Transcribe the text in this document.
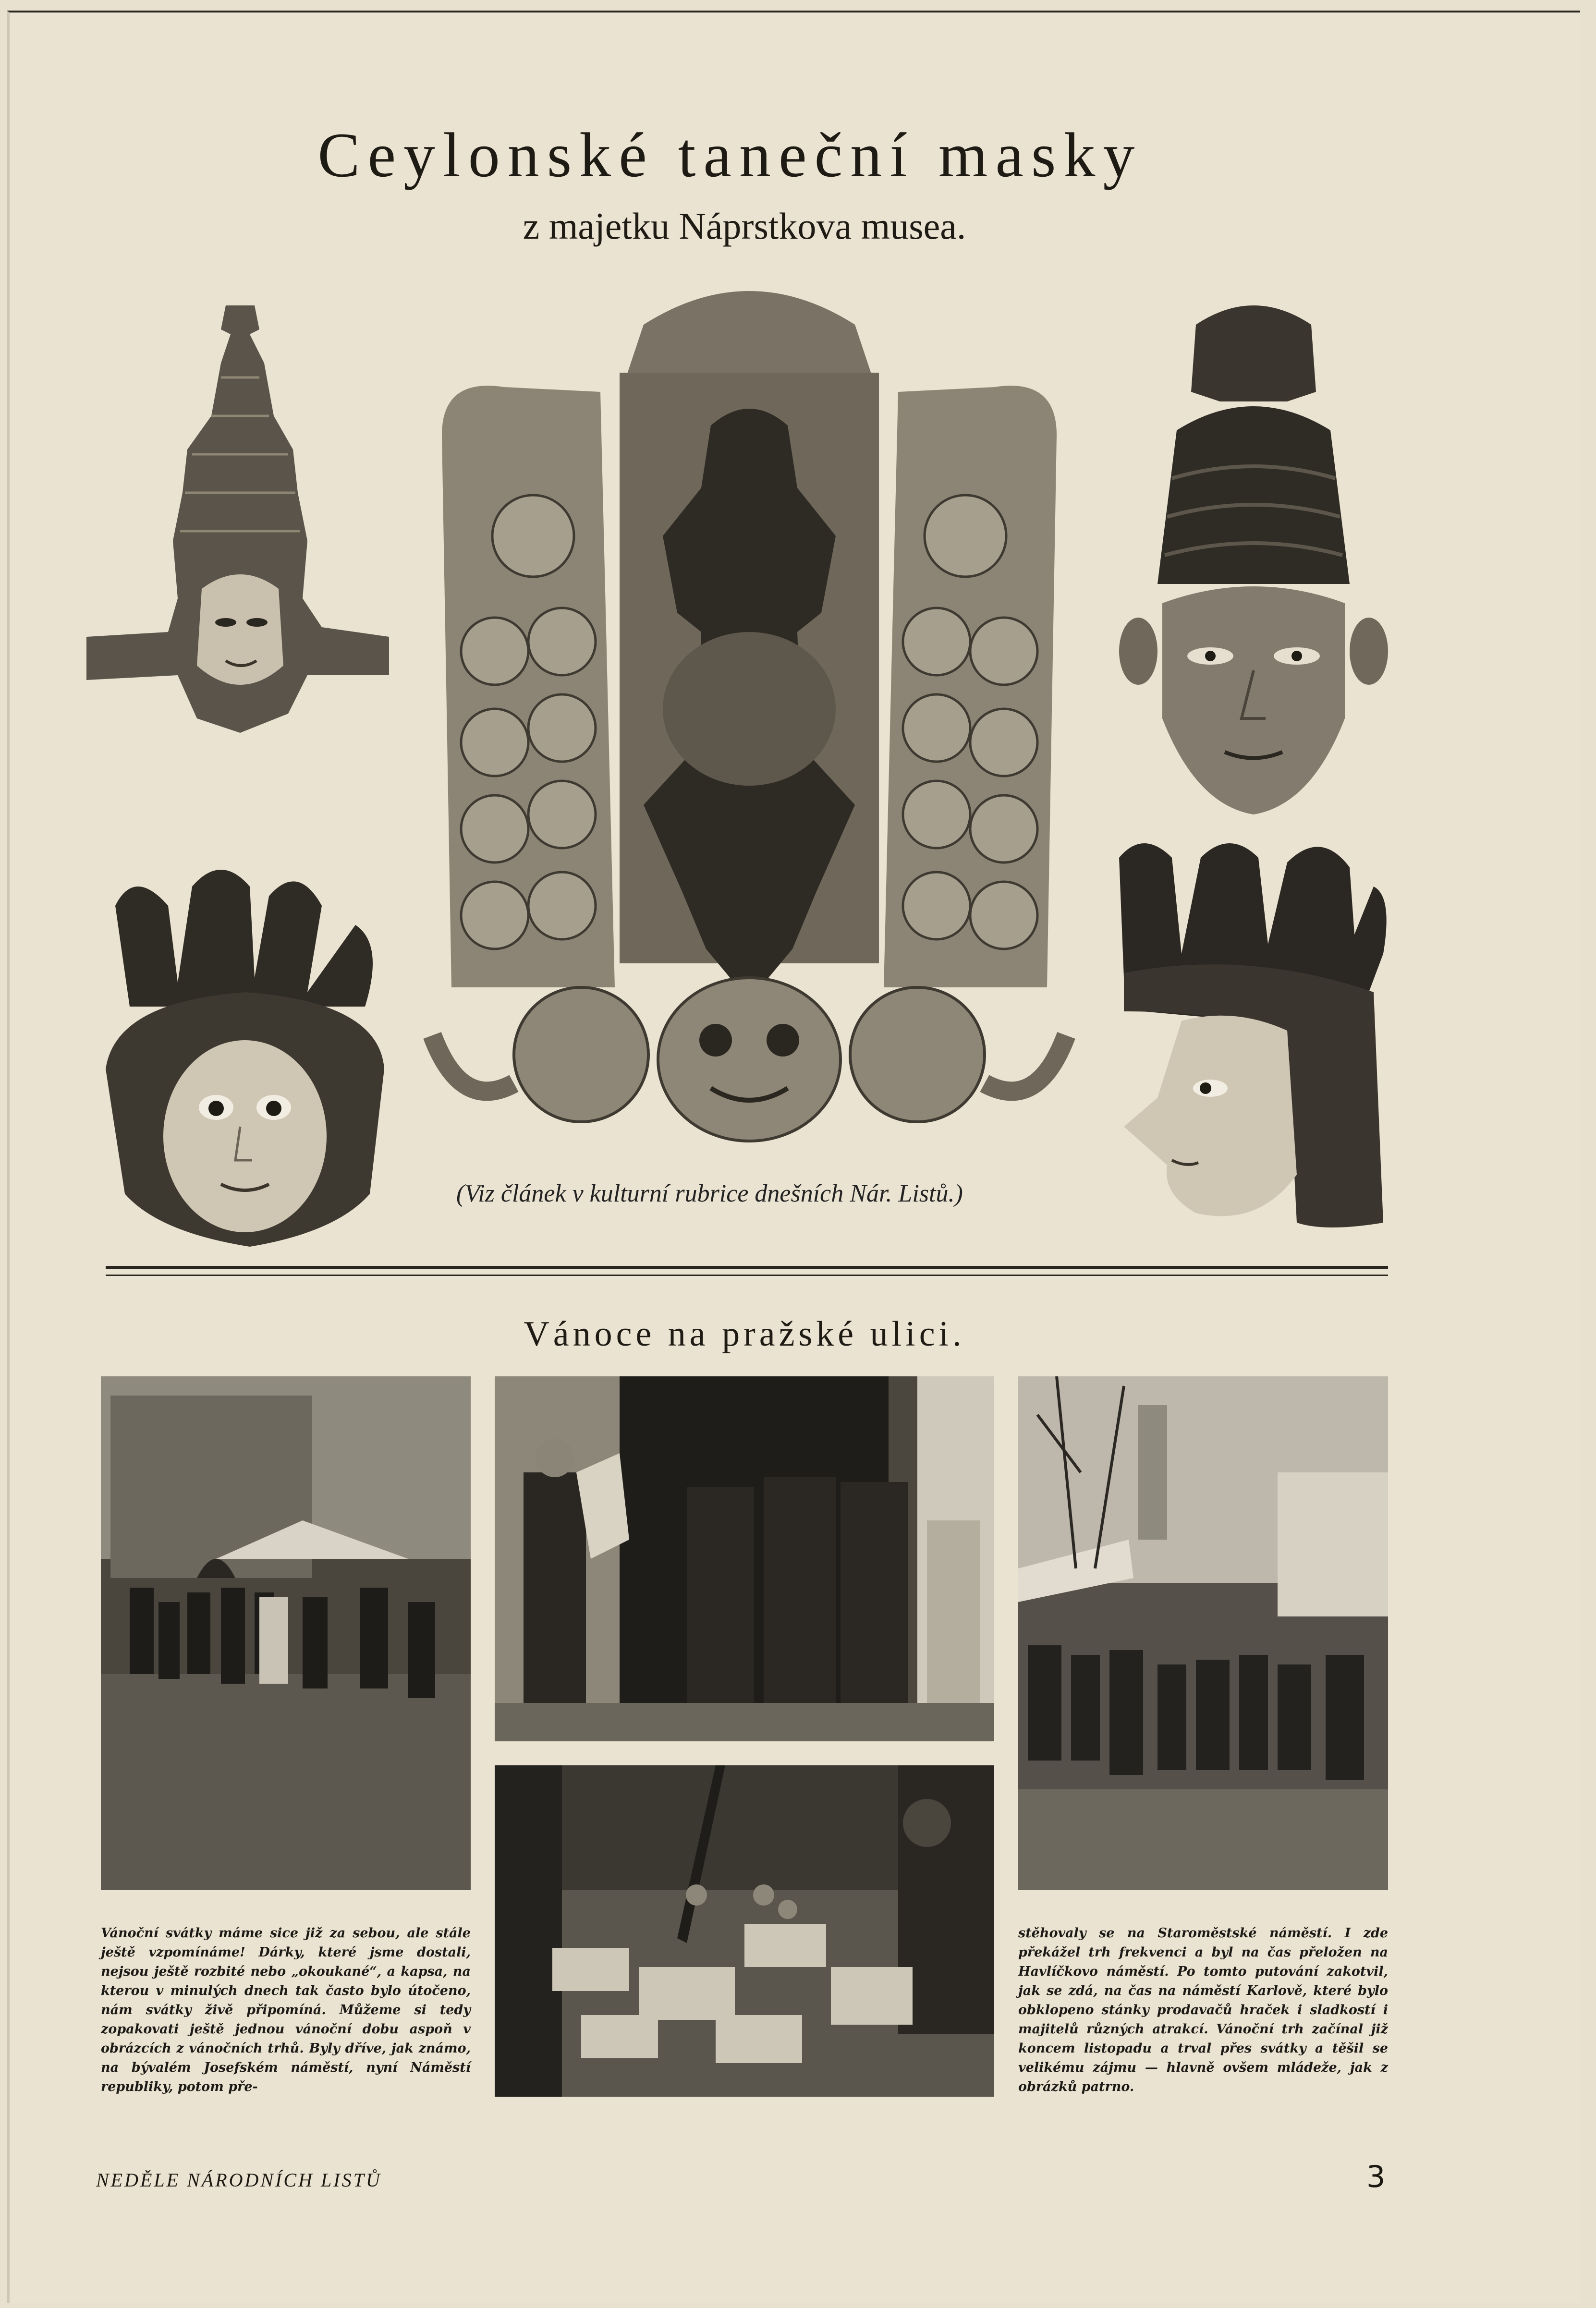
Ceylonské taneční masky
z majetku Náprstkova musea.
(Viz článek v kulturní rubrice dnešních Nár. Listů.)
Vánoce na pražské ulici.
Vánoční svátky máme sice již za sebou, ale stále ještě vzpomínáme! Dárky, které jsme dostali, nejsou ještě rozbité nebo „okoukané“, a kapsa, na kterou v minulých dnech tak často bylo útočeno, nám svátky živě připomíná. Můžeme si tedy zopakovati ještě jednou vánoční dobu aspoň v obrázcích z vánočních trhů. Byly dříve, jak známo, na bývalém Josefském náměstí, nyní Náměstí republiky, potom pře-
stěhovaly se na Staroměstské náměstí. I zde překážel trh frekvenci a byl na čas přeložen na Havlíčkovo náměstí. Po tomto putování zakotvil, jak se zdá, na čas na náměstí Karlově, které bylo obklopeno stánky prodavačů hraček i sladkostí i majitelů různých atrakcí. Vánoční trh začínal již koncem listopadu a trval přes svátky a těšil se velikému zájmu — hlavně ovšem mládeže, jak z obrázků patrno.
NEDĚLE NÁRODNÍCH LISTŮ	3
